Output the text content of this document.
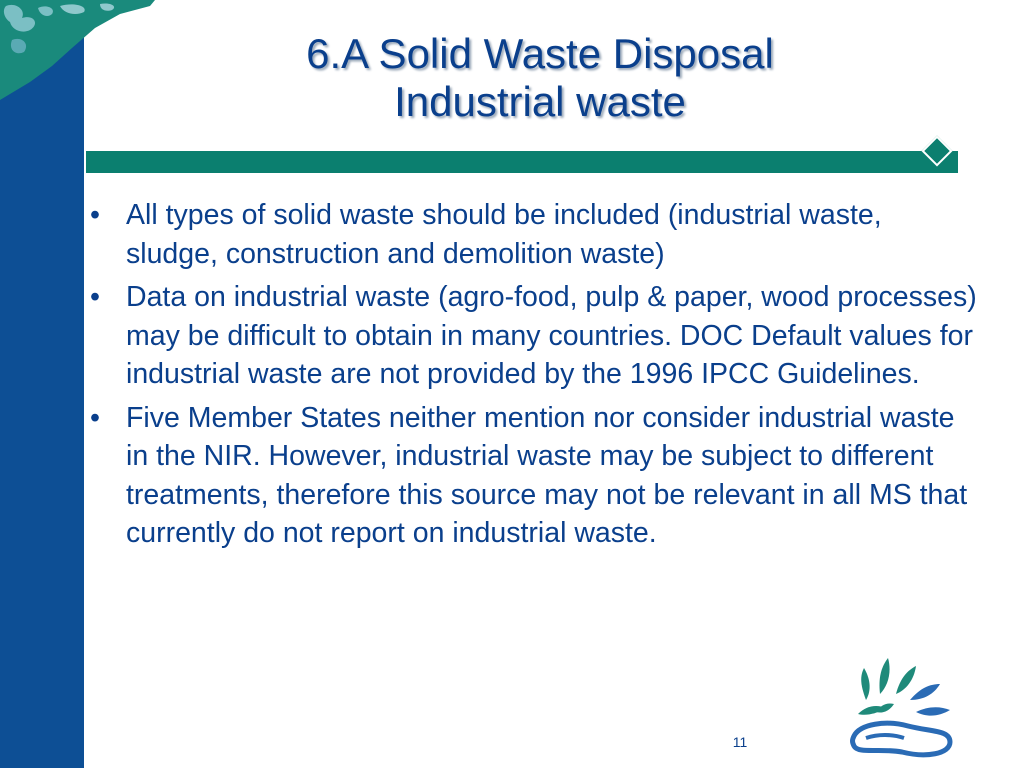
6.A Solid Waste Disposal
Industrial waste
• All types of solid waste should be included (industrial waste, sludge, construction and demolition waste)
• Data on industrial waste (agro-food, pulp & paper, wood processes) may be difficult to obtain in many countries. DOC Default values for industrial waste are not provided by the 1996 IPCC Guidelines.
• Five Member States neither mention nor consider industrial waste in the NIR. However, industrial waste may be subject to different treatments, therefore this source may not be relevant in all MS that currently do not report on industrial waste.
11
